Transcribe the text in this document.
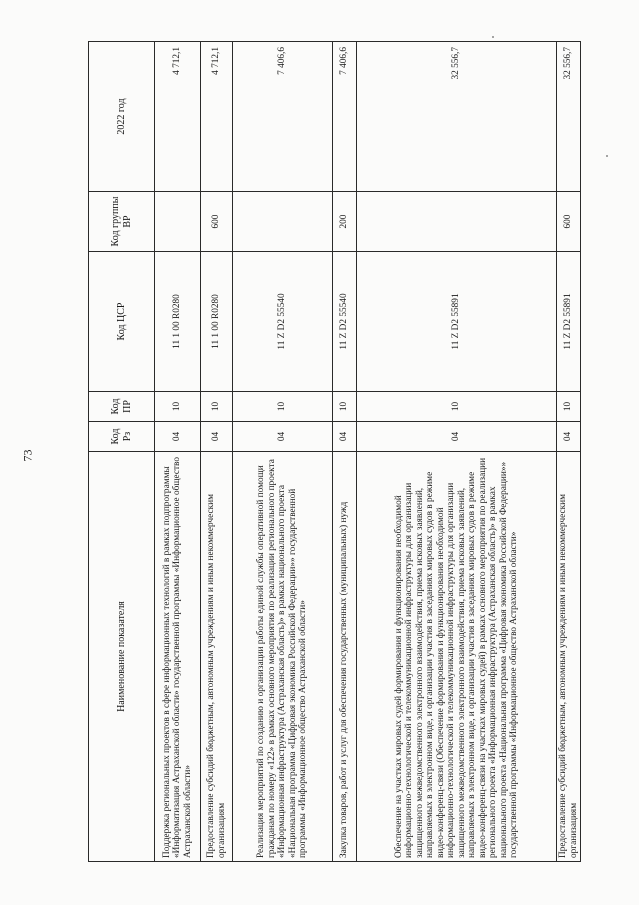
73
Наименование показателя	Код Рз	Код ПР	Код ЦСР	Код группы ВР	2022 год
Поддержка региональных проектов в сфере информационных технологий в рамках подпрограммы «Информатизация Астраханской области» государственной программы «Информационное общество Астраханской области»	04	10	11 1 00 R0280		4 712,1
Предоставление субсидий бюджетным, автономным учреждениям и иным некоммерческим организациям	04	10	11 1 00 R0280	600	4 712,1
Реализация мероприятий по созданию и организации работы единой службы оперативной помощи гражданам по номеру «122» в рамках основного мероприятия по реализации регионального проекта «Информационная инфраструктура (Астраханская область)» в рамках национального проекта «Национальная программа «Цифровая экономика Российской Федерации»» государственной программы «Информационное общество Астраханской области»	04	10	11 Z D2 55540		7 406,6
Закупка товаров, работ и услуг для обеспечения государственных (муниципальных) нужд	04	10	11 Z D2 55540	200	7 406,6
Обеспечение на участках мировых судей формирования и функционирования необходимой информационно-технологической и телекоммуникационной инфраструктуры для организации защищенного межведомственного электронного взаимодействия, приема исковых заявлений, направляемых в электронном виде, и организации участия в заседаниях мировых судов в режиме видео-конференц-связи (Обеспечение формирования и функционирования необходимой информационно-технологической и телекоммуникационной инфраструктуры для организации защищенного межведомственного электронного взаимодействия, приема исковых заявлений, направляемых в электронном виде, и организации участия в заседаниях мировых судов в режиме видео-конференц-связи на участках мировых судей) в рамках основного мероприятия по реализации регионального проекта «Информационная инфраструктура (Астраханская область)» в рамках национального проекта «Национальная программа «Цифровая экономика Российской Федерации»» государственной программы «Информационное общество Астраханской области»	04	10	11 Z D2 55891		32 556,7
Предоставление субсидий бюджетным, автономным учреждениям и иным некоммерческим организациям	04	10	11 Z D2 55891	600	32 556,7
